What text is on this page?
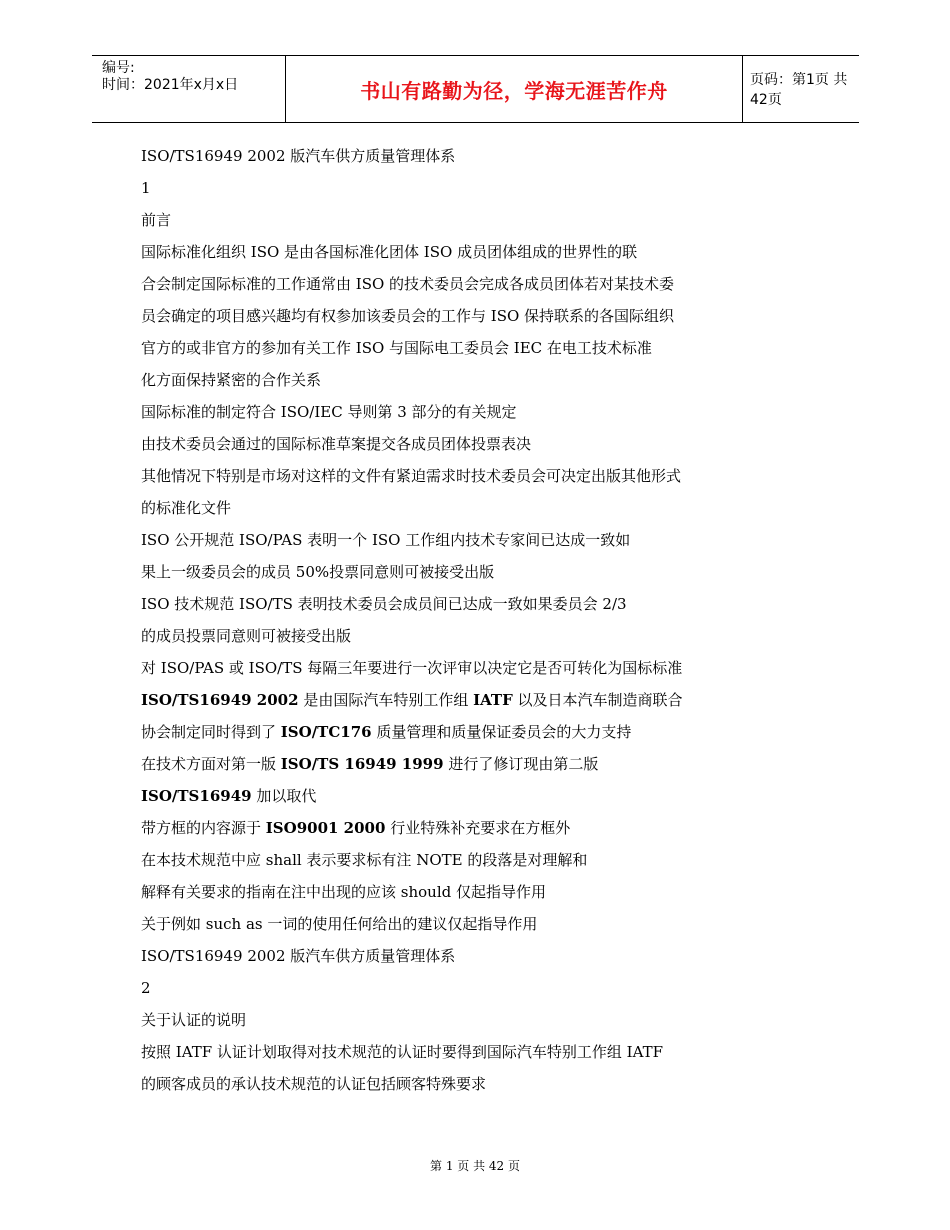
编号:
时间：2021年x月x日	书山有路勤为径，学海无涯苦作舟	页码：第1页 共42页
ISO/TS16949 2002 版汽车供方质量管理体系
1
前言
国际标准化组织 ISO 是由各国标准化团体 ISO 成员团体组成的世界性的联
合会制定国际标准的工作通常由 ISO 的技术委员会完成各成员团体若对某技术委
员会确定的项目感兴趣均有权参加该委员会的工作与 ISO 保持联系的各国际组织
官方的或非官方的参加有关工作 ISO 与国际电工委员会 IEC 在电工技术标准
化方面保持紧密的合作关系
国际标准的制定符合 ISO/IEC 导则第 3 部分的有关规定
由技术委员会通过的国际标准草案提交各成员团体投票表决
其他情况下特别是市场对这样的文件有紧迫需求时技术委员会可决定出版其他形式
的标准化文件
ISO 公开规范 ISO/PAS 表明一个 ISO 工作组内技术专家间已达成一致如
果上一级委员会的成员 50%投票同意则可被接受出版
ISO 技术规范 ISO/TS 表明技术委员会成员间已达成一致如果委员会 2/3
的成员投票同意则可被接受出版
对 ISO/PAS 或 ISO/TS 每隔三年要进行一次评审以决定它是否可转化为国标标准
ISO/TS16949 2002 是由国际汽车特别工作组 IATF 以及日本汽车制造商联合
协会制定同时得到了 ISO/TC176 质量管理和质量保证委员会的大力支持
在技术方面对第一版 ISO/TS 16949 1999 进行了修订现由第二版
ISO/TS16949 加以取代
带方框的内容源于 ISO9001 2000 行业特殊补充要求在方框外
在本技术规范中应 shall 表示要求标有注 NOTE 的段落是对理解和
解释有关要求的指南在注中出现的应该 should 仅起指导作用
关于例如 such as 一词的使用任何给出的建议仅起指导作用
ISO/TS16949 2002 版汽车供方质量管理体系
2
关于认证的说明
按照 IATF 认证计划取得对技术规范的认证时要得到国际汽车特别工作组 IATF
的顾客成员的承认技术规范的认证包括顾客特殊要求
第 1 页 共 42 页
